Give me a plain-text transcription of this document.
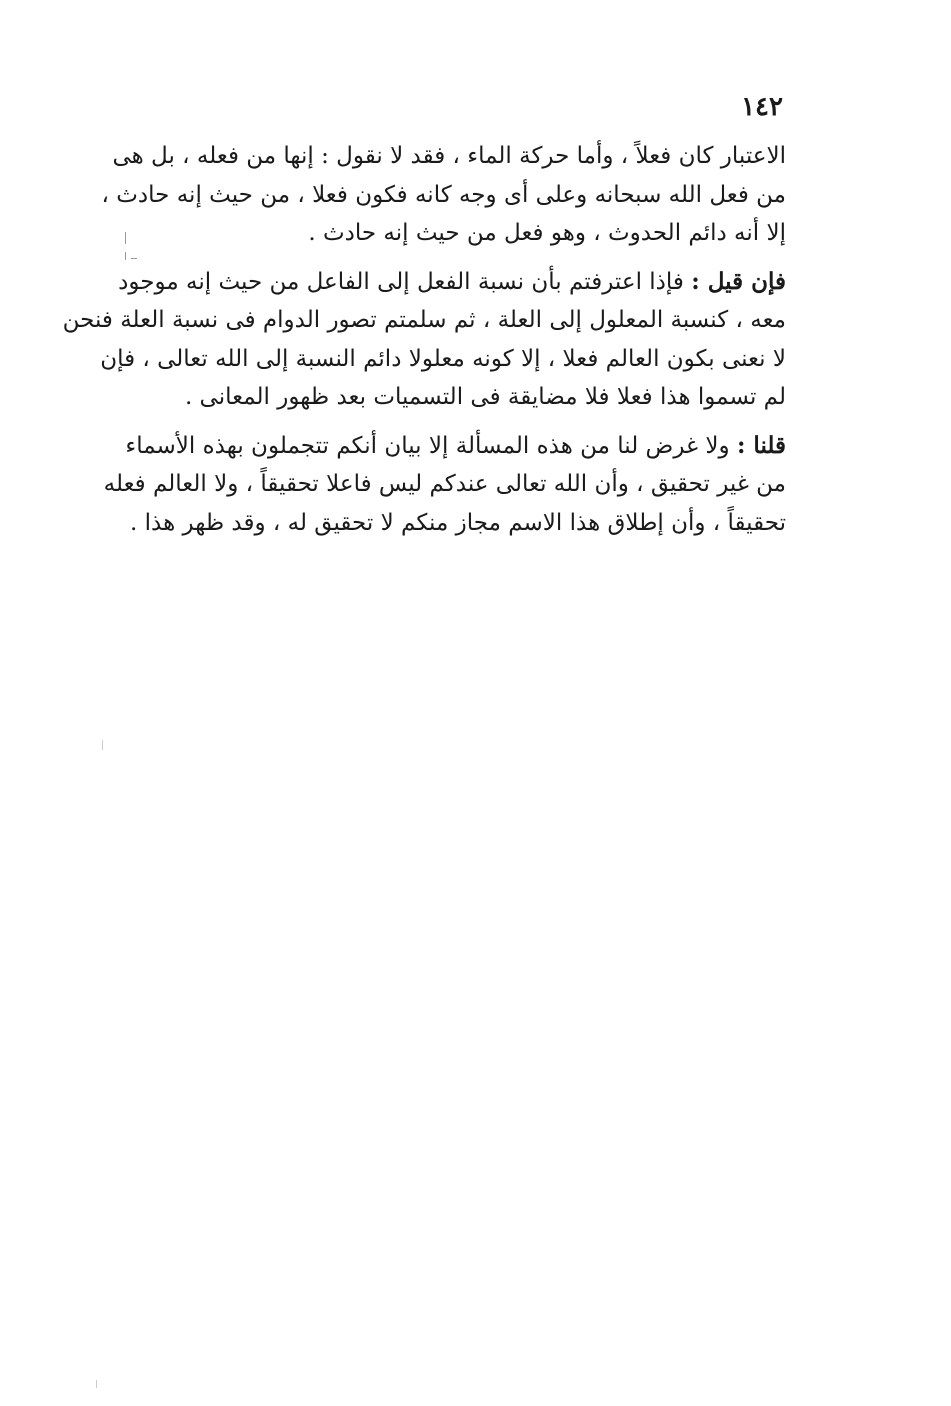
١٤٢
الاعتبار كان فعلاً ، وأما حركة الماء ، فقد لا نقول : إنها من فعله ، بل هى
من فعل الله سبحانه وعلى أى وجه كانه فكون فعلا ، من حيث إنه حادث ،
إلا أنه دائم الحدوث ، وهو فعل من حيث إنه حادث .
فإن قيل : فإذا اعترفتم بأن نسبة الفعل إلى الفاعل من حيث إنه موجود
معه ، كنسبة المعلول إلى العلة ، ثم سلمتم تصور الدوام فى نسبة العلة فنحن
لا نعنى بكون العالم فعلا ، إلا كونه معلولا دائم النسبة إلى الله تعالى ، فإن
لم تسموا هذا فعلا فلا مضايقة فى التسميات بعد ظهور المعانى .
قلنا : ولا غرض لنا من هذه المسألة إلا بيان أنكم تتجملون بهذه الأسماء
من غير تحقيق ، وأن الله تعالى عندكم ليس فاعلا تحقيقاً ، ولا العالم فعله
تحقيقاً ، وأن إطلاق هذا الاسم مجاز منكم لا تحقيق له ، وقد ظهر هذا .
